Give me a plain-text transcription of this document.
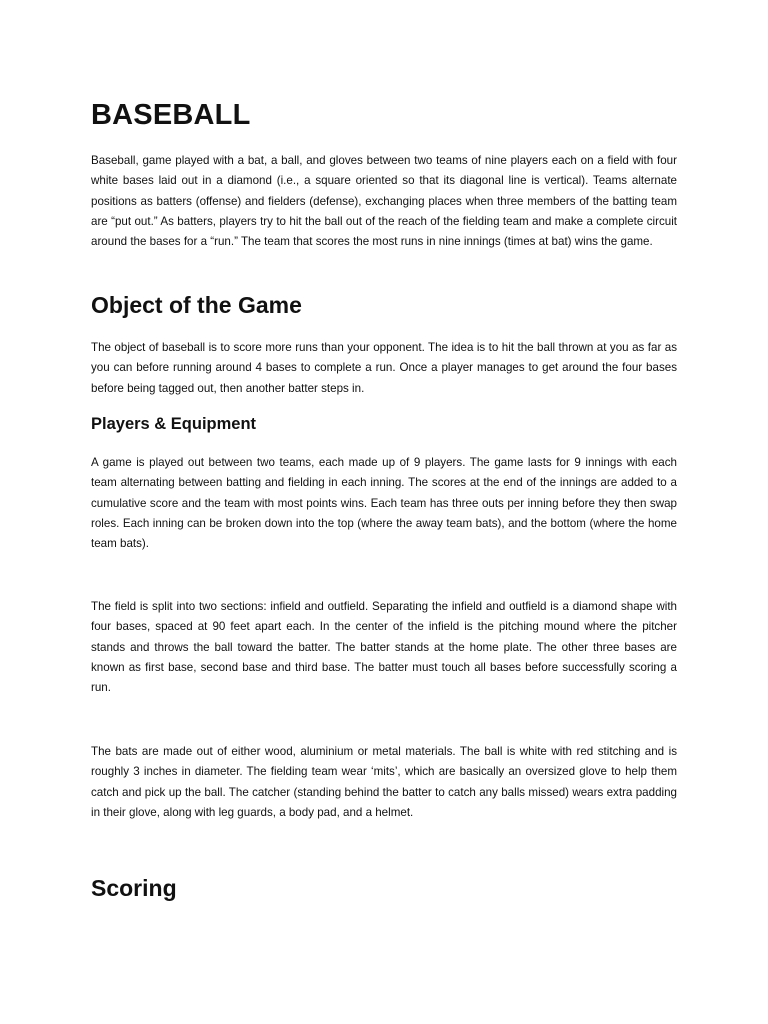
BASEBALL

Baseball, game played with a bat, a ball, and gloves between two teams of nine players each on a field with four white bases laid out in a diamond (i.e., a square oriented so that its diagonal line is vertical). Teams alternate positions as batters (offense) and fielders (defense), exchanging places when three members of the batting team are “put out.” As batters, players try to hit the ball out of the reach of the fielding team and make a complete circuit around the bases for a “run.” The team that scores the most runs in nine innings (times at bat) wins the game.

Object of the Game

The object of baseball is to score more runs than your opponent. The idea is to hit the ball thrown at you as far as you can before running around 4 bases to complete a run. Once a player manages to get around the four bases before being tagged out, then another batter steps in.

Players & Equipment

A game is played out between two teams, each made up of 9 players. The game lasts for 9 innings with each team alternating between batting and fielding in each inning. The scores at the end of the innings are added to a cumulative score and the team with most points wins. Each team has three outs per inning before they then swap roles. Each inning can be broken down into the top (where the away team bats), and the bottom (where the home team bats).

The field is split into two sections: infield and outfield. Separating the infield and outfield is a diamond shape with four bases, spaced at 90 feet apart each. In the center of the infield is the pitching mound where the pitcher stands and throws the ball toward the batter. The batter stands at the home plate. The other three bases are known as first base, second base and third base. The batter must touch all bases before successfully scoring a run.

The bats are made out of either wood, aluminium or metal materials. The ball is white with red stitching and is roughly 3 inches in diameter. The fielding team wear ‘mits’, which are basically an oversized glove to help them catch and pick up the ball. The catcher (standing behind the batter to catch any balls missed) wears extra padding in their glove, along with leg guards, a body pad, and a helmet.

Scoring
